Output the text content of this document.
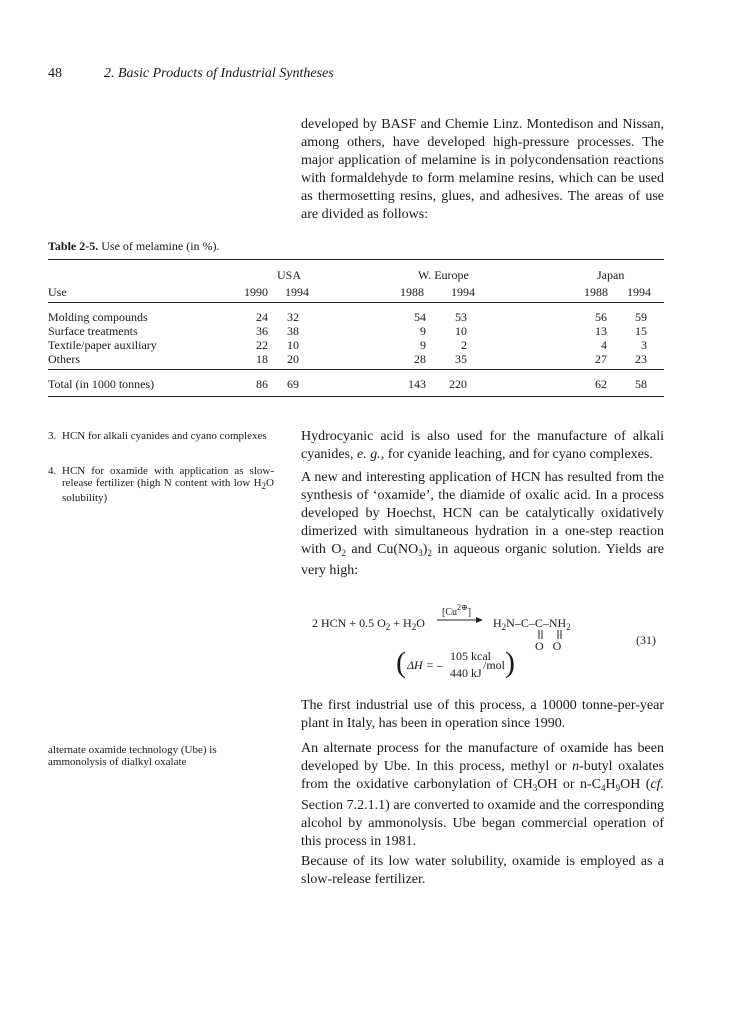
48	2. Basic Products of Industrial Syntheses
developed by BASF and Chemie Linz. Montedison and Nissan, among others, have developed high-pressure processes. The major application of melamine is in polycondensation reactions with formaldehyde to form melamine resins, which can be used as thermosetting resins, glues, and adhesives. The areas of use are divided as follows:
Table 2-5. Use of melamine (in %).
USA	W. Europe	Japan
Use	1990 1994	1988 1994	1988 1994
Molding compounds	24 32	54	53	56	59
Surface treatments	36 38	9	10	13	15
Textile/paper auxiliary	22 10	9	2	4	3
Others	18 20	28	35	27	23
Total (in 1000 tonnes)	86 69	143	220	62	58
3. HCN for alkali cyanides and cyano complexes
4. HCN for oxamide with application as slow-release fertilizer (high N content with low $H_2O$ solubility)
alternate oxamide technology (Ube) is ammonolysis of dialkyl oxalate
Hydrocyanic acid is also used for the manufacture of alkali cyanides, e. g., for cyanide leaching, and for cyano complexes.
A new and interesting application of HCN has resulted from the synthesis of ‘oxamide’, the diamide of oxalic acid. In a process developed by Hoechst, HCN can be catalytically oxidatively dimerized with simultaneous hydration in a one-step reaction with $O_2$ and $Cu(NO_3)_2$ in aqueous organic solution. Yields are very high:
2 HCN + 0.5 $O_2 + H_2O$
$[Cu^{2\oplus}]$
→ $H_2N-C-C-NH_2$
O O	(31)
( ΔH = –
105 kcal
440 kJ
/mol )
The first industrial use of this process, a 10000 tonne-per-year plant in Italy, has been in operation since 1990.
An alternate process for the manufacture of oxamide has been developed by Ube. In this process, methyl or n-butyl oxalates from the oxidative carbonylation of $CH_3OH$ or $n-C_4H_9OH$ (cf. Section 7.2.1.1) are converted to oxamide and the corresponding alcohol by ammonolysis. Ube began commercial operation of this process in 1981.
Because of its low water solubility, oxamide is employed as a slow-release fertilizer.
